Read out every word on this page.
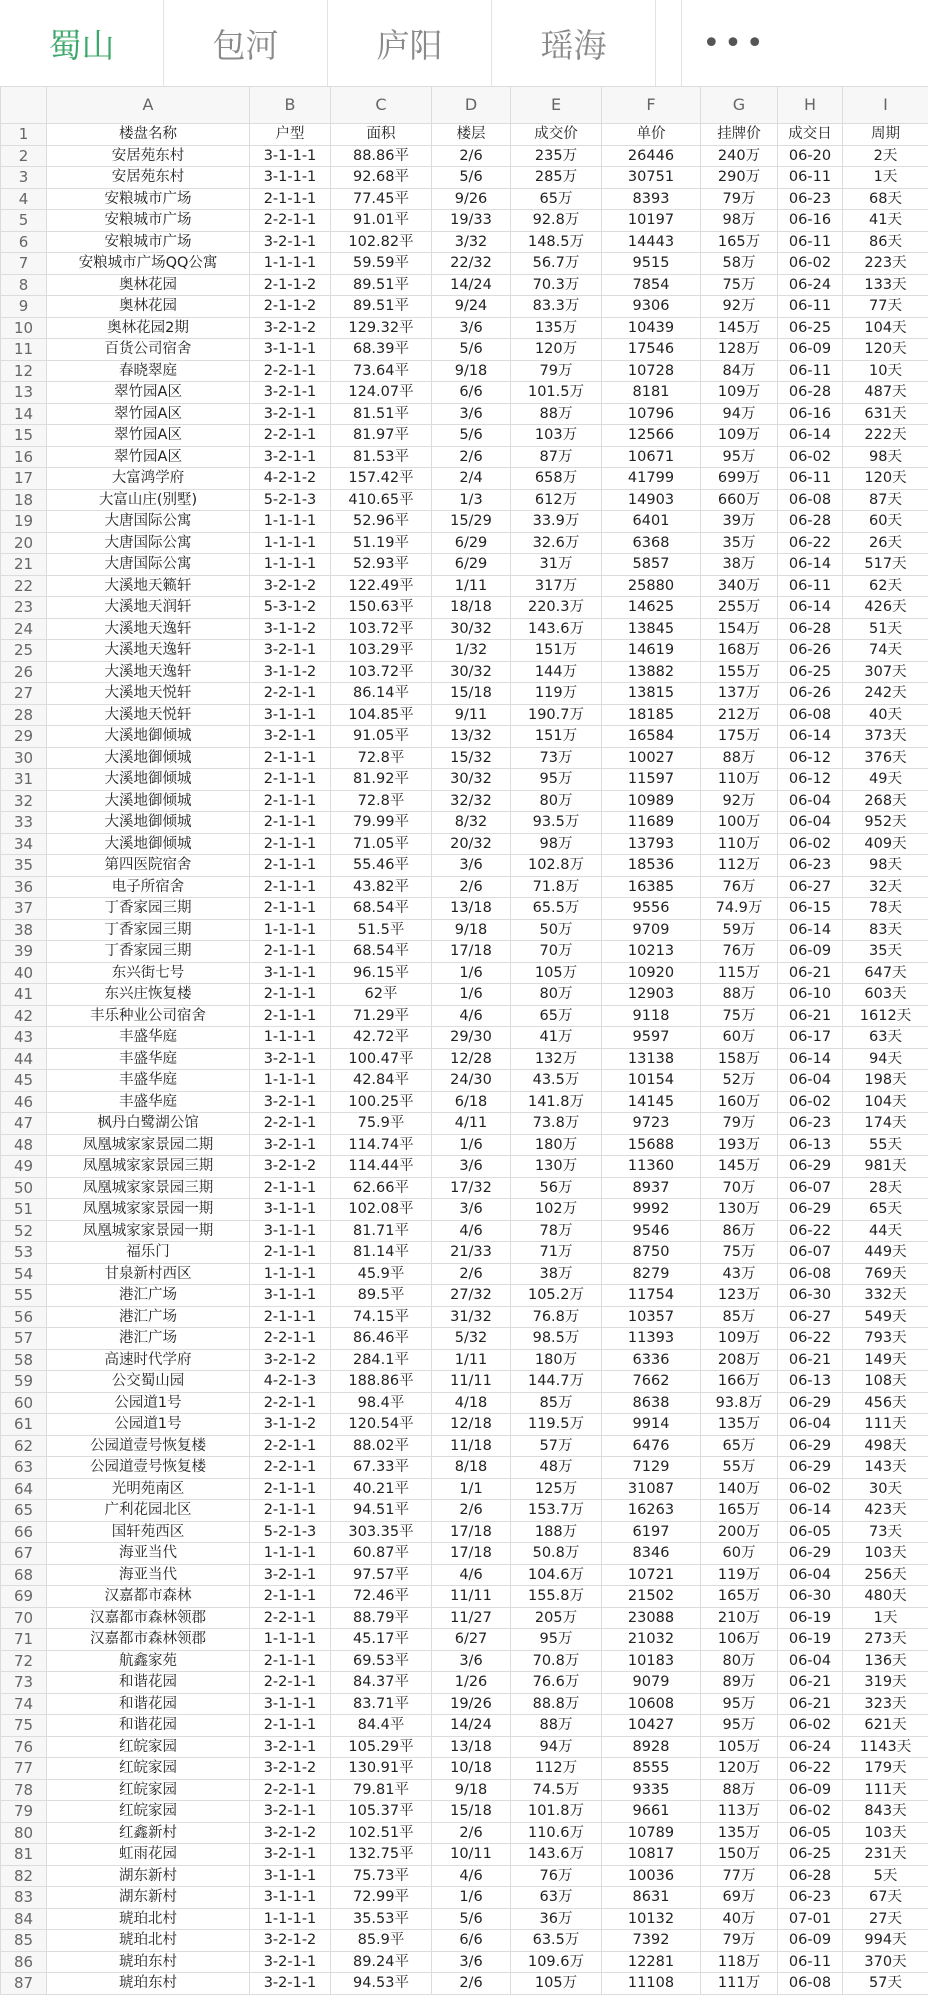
蜀山	包河	庐阳	瑶海	•••
	A	B	C	D	E	F	G	H	I	
1	楼盘名称	户型	面积	楼层	成交价	单价	挂牌价	成交日	周期	
2	安居苑东村	3-1-1-1	88.86平	2/6	235万	26446	240万	06-20	2天	
3	安居苑东村	3-1-1-1	92.68平	5/6	285万	30751	290万	06-11	1天	
4	安粮城市广场	2-1-1-1	77.45平	9/26	65万	8393	79万	06-23	68天	
5	安粮城市广场	2-2-1-1	91.01平	19/33	92.8万	10197	98万	06-16	41天	
6	安粮城市广场	3-2-1-1	102.82平	3/32	148.5万	14443	165万	06-11	86天	
7	安粮城市广场QQ公寓	1-1-1-1	59.59平	22/32	56.7万	9515	58万	06-02	223天	
8	奥林花园	2-1-1-2	89.51平	14/24	70.3万	7854	75万	06-24	133天	
9	奥林花园	2-1-1-2	89.51平	9/24	83.3万	9306	92万	06-11	77天	
10	奥林花园2期	3-2-1-2	129.32平	3/6	135万	10439	145万	06-25	104天	
11	百货公司宿舍	3-1-1-1	68.39平	5/6	120万	17546	128万	06-09	120天	
12	春晓翠庭	2-2-1-1	73.64平	9/18	79万	10728	84万	06-11	10天	
13	翠竹园A区	3-2-1-1	124.07平	6/6	101.5万	8181	109万	06-28	487天	
14	翠竹园A区	3-2-1-1	81.51平	3/6	88万	10796	94万	06-16	631天	
15	翠竹园A区	2-2-1-1	81.97平	5/6	103万	12566	109万	06-14	222天	
16	翠竹园A区	3-2-1-1	81.53平	2/6	87万	10671	95万	06-02	98天	
17	大富鸿学府	4-2-1-2	157.42平	2/4	658万	41799	699万	06-11	120天	
18	大富山庄(别墅)	5-2-1-3	410.65平	1/3	612万	14903	660万	06-08	87天	
19	大唐国际公寓	1-1-1-1	52.96平	15/29	33.9万	6401	39万	06-28	60天	
20	大唐国际公寓	1-1-1-1	51.19平	6/29	32.6万	6368	35万	06-22	26天	
21	大唐国际公寓	1-1-1-1	52.93平	6/29	31万	5857	38万	06-14	517天	
22	大溪地天籁轩	3-2-1-2	122.49平	1/11	317万	25880	340万	06-11	62天	
23	大溪地天润轩	5-3-1-2	150.63平	18/18	220.3万	14625	255万	06-14	426天	
24	大溪地天逸轩	3-1-1-2	103.72平	30/32	143.6万	13845	154万	06-28	51天	
25	大溪地天逸轩	3-2-1-1	103.29平	1/32	151万	14619	168万	06-26	74天	
26	大溪地天逸轩	3-1-1-2	103.72平	30/32	144万	13882	155万	06-25	307天	
27	大溪地天悦轩	2-2-1-1	86.14平	15/18	119万	13815	137万	06-26	242天	
28	大溪地天悦轩	3-1-1-1	104.85平	9/11	190.7万	18185	212万	06-08	40天	
29	大溪地御倾城	3-2-1-1	91.05平	13/32	151万	16584	175万	06-14	373天	
30	大溪地御倾城	2-1-1-1	72.8平	15/32	73万	10027	88万	06-12	376天	
31	大溪地御倾城	2-1-1-1	81.92平	30/32	95万	11597	110万	06-12	49天	
32	大溪地御倾城	2-1-1-1	72.8平	32/32	80万	10989	92万	06-04	268天	
33	大溪地御倾城	2-1-1-1	79.99平	8/32	93.5万	11689	100万	06-04	952天	
34	大溪地御倾城	2-1-1-1	71.05平	20/32	98万	13793	110万	06-02	409天	
35	第四医院宿舍	2-1-1-1	55.46平	3/6	102.8万	18536	112万	06-23	98天	
36	电子所宿舍	2-1-1-1	43.82平	2/6	71.8万	16385	76万	06-27	32天	
37	丁香家园三期	2-1-1-1	68.54平	13/18	65.5万	9556	74.9万	06-15	78天	
38	丁香家园三期	1-1-1-1	51.5平	9/18	50万	9709	59万	06-14	83天	
39	丁香家园三期	2-1-1-1	68.54平	17/18	70万	10213	76万	06-09	35天	
40	东兴街七号	3-1-1-1	96.15平	1/6	105万	10920	115万	06-21	647天	
41	东兴庄恢复楼	2-1-1-1	62平	1/6	80万	12903	88万	06-10	603天	
42	丰乐种业公司宿舍	2-1-1-1	71.29平	4/6	65万	9118	75万	06-21	1612天	
43	丰盛华庭	1-1-1-1	42.72平	29/30	41万	9597	60万	06-17	63天	
44	丰盛华庭	3-2-1-1	100.47平	12/28	132万	13138	158万	06-14	94天	
45	丰盛华庭	1-1-1-1	42.84平	24/30	43.5万	10154	52万	06-04	198天	
46	丰盛华庭	3-2-1-1	100.25平	6/18	141.8万	14145	160万	06-02	104天	
47	枫丹白鹭湖公馆	2-2-1-1	75.9平	4/11	73.8万	9723	79万	06-23	174天	
48	凤凰城家家景园二期	3-2-1-1	114.74平	1/6	180万	15688	193万	06-13	55天	
49	凤凰城家家景园三期	3-2-1-2	114.44平	3/6	130万	11360	145万	06-29	981天	
50	凤凰城家家景园三期	2-1-1-1	62.66平	17/32	56万	8937	70万	06-07	28天	
51	凤凰城家家景园一期	3-1-1-1	102.08平	3/6	102万	9992	130万	06-29	65天	
52	凤凰城家家景园一期	3-1-1-1	81.71平	4/6	78万	9546	86万	06-22	44天	
53	福乐门	2-1-1-1	81.14平	21/33	71万	8750	75万	06-07	449天	
54	甘泉新村西区	1-1-1-1	45.9平	2/6	38万	8279	43万	06-08	769天	
55	港汇广场	3-1-1-1	89.5平	27/32	105.2万	11754	123万	06-30	332天	
56	港汇广场	2-1-1-1	74.15平	31/32	76.8万	10357	85万	06-27	549天	
57	港汇广场	2-2-1-1	86.46平	5/32	98.5万	11393	109万	06-22	793天	
58	高速时代学府	3-2-1-2	284.1平	1/11	180万	6336	208万	06-21	149天	
59	公交蜀山园	4-2-1-3	188.86平	11/11	144.7万	7662	166万	06-13	108天	
60	公园道1号	2-2-1-1	98.4平	4/18	85万	8638	93.8万	06-29	456天	
61	公园道1号	3-1-1-2	120.54平	12/18	119.5万	9914	135万	06-04	111天	
62	公园道壹号恢复楼	2-2-1-1	88.02平	11/18	57万	6476	65万	06-29	498天	
63	公园道壹号恢复楼	2-2-1-1	67.33平	8/18	48万	7129	55万	06-29	143天	
64	光明苑南区	2-1-1-1	40.21平	1/1	125万	31087	140万	06-02	30天	
65	广利花园北区	2-1-1-1	94.51平	2/6	153.7万	16263	165万	06-14	423天	
66	国轩苑西区	5-2-1-3	303.35平	17/18	188万	6197	200万	06-05	73天	
67	海亚当代	1-1-1-1	60.87平	17/18	50.8万	8346	60万	06-29	103天	
68	海亚当代	3-2-1-1	97.57平	4/6	104.6万	10721	119万	06-04	256天	
69	汉嘉都市森林	2-1-1-1	72.46平	11/11	155.8万	21502	165万	06-30	480天	
70	汉嘉都市森林领郡	2-2-1-1	88.79平	11/27	205万	23088	210万	06-19	1天	
71	汉嘉都市森林领郡	1-1-1-1	45.17平	6/27	95万	21032	106万	06-19	273天	
72	航鑫家苑	2-1-1-1	69.53平	3/6	70.8万	10183	80万	06-04	136天	
73	和谐花园	2-2-1-1	84.37平	1/26	76.6万	9079	89万	06-21	319天	
74	和谐花园	3-1-1-1	83.71平	19/26	88.8万	10608	95万	06-21	323天	
75	和谐花园	2-1-1-1	84.4平	14/24	88万	10427	95万	06-02	621天	
76	红皖家园	3-2-1-1	105.29平	13/18	94万	8928	105万	06-24	1143天	
77	红皖家园	3-2-1-2	130.91平	10/18	112万	8555	120万	06-22	179天	
78	红皖家园	2-2-1-1	79.81平	9/18	74.5万	9335	88万	06-09	111天	
79	红皖家园	3-2-1-1	105.37平	15/18	101.8万	9661	113万	06-02	843天	
80	红鑫新村	3-2-1-2	102.51平	2/6	110.6万	10789	135万	06-05	103天	
81	虹雨花园	3-2-1-1	132.75平	10/11	143.6万	10817	150万	06-25	231天	
82	湖东新村	3-1-1-1	75.73平	4/6	76万	10036	77万	06-28	5天	
83	湖东新村	3-1-1-1	72.99平	1/6	63万	8631	69万	06-23	67天	
84	琥珀北村	1-1-1-1	35.53平	5/6	36万	10132	40万	07-01	27天	
85	琥珀北村	3-2-1-2	85.9平	6/6	63.5万	7392	79万	06-09	994天	
86	琥珀东村	3-2-1-1	89.24平	3/6	109.6万	12281	118万	06-11	370天	
87	琥珀东村	3-2-1-1	94.53平	2/6	105万	11108	111万	06-08	57天	
